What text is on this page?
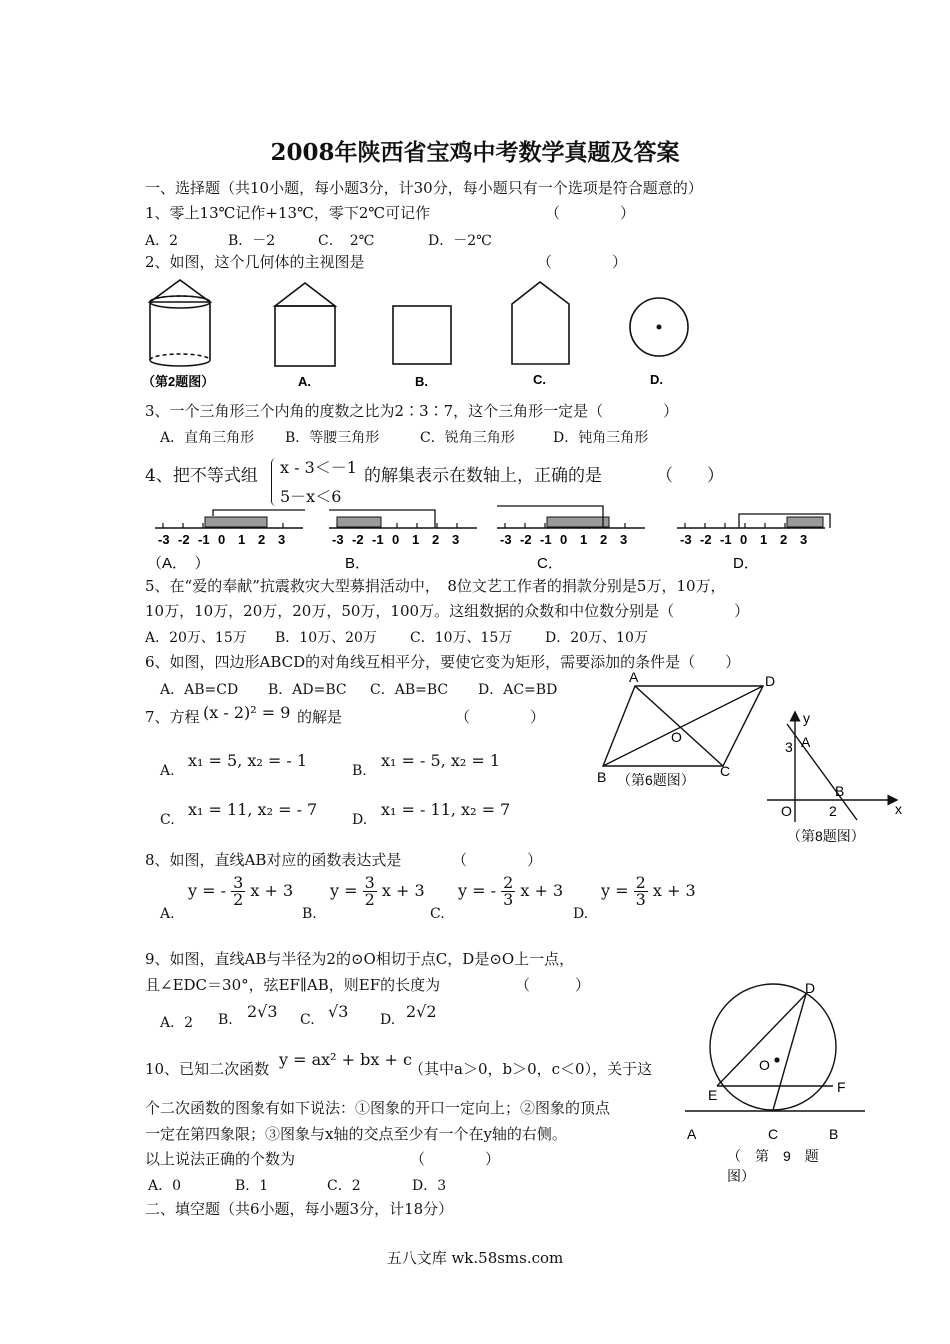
2008年陕西省宝鸡中考数学真题及答案
一、选择题（共10小题，每小题3分，计30分，每小题只有一个选项是符合题意的）
1、零上13℃记作+13℃，零下2℃可记作	（　　　　）
A．2	B．－2	C．　2℃	D．－2℃
2、如图，这个几何体的主视图是	（　　　　）
（第2题图）	A.	B.	C.	D.
3、一个三角形三个内角的度数之比为2∶3∶7，这个三角形一定是（　　　　）
A．直角三角形 B．等腰三角形	C．锐角三角形	D．钝角三角形
4、把不等式组 x - 3＜－1
5－x＜6
的解集表示在数轴上，正确的是	（　　）
-3 -2 -1 0 1 2 3	-3 -2 -1 0 1 2 3	-3 -2 -1 0 1 2 3	-3 -2 -1 0 1 2 3
（A．　）	B．	C．	D．
5、在“爱的奉献”抗震救灾大型募捐活动中，　8位文艺工作者的捐款分别是5万，10万，
10万，10万，20万，20万，50万，100万。这组数据的众数和中位数分别是（　　　　）
A．20万、15万 B．10万、20万 C．10万、15万 D．20万、10万
6、如图，四边形ABCD的对角线互相平分，要使它变为矩形，需要添加的条件是（　　）
A．AB=CD B．AD=BC C．AB=BC D．AC=BD
A	D
B	C
O
（第6题图）
7、方程 (x - 2)² = 9 的解是	（　　　　）
A.
x₁ = 5, x₂ = - 1
B.
x₁ = - 5, x₂ = 1
C.
x₁ = 11, x₂ = - 7
D.
x₁ = - 11, x₂ = 7
y
x
A
3
B
O	2
（第8题图）
8、如图，直线AB对应的函数表达式是	（　　　　）
A.
y = - $\frac{3}{2}$ x + 3
B.
$y = \frac{3}{2}$ x + 3
C.
y = - $\frac{2}{3}$ x + 3
D.
$y = \frac{2}{3}$ x + 3
9、如图，直线AB与半径为2的⊙O相切于点C，D是⊙O上一点，
且∠EDC＝30°，弦EF∥AB，则EF的长度为	（　　　）
A．2 B. 2√3 C. √3 D. 2√2
D
O
E	F
A	C	B
（　第　9　题
图）
10、已知二次函数 y = ax² + bx + c
（其中a＞0，b＞0，c＜0），关于这
个二次函数的图象有如下说法：①图象的开口一定向上；②图象的顶点
一定在第四象限；③图象与x轴的交点至少有一个在y轴的右侧。
以上说法正确的个数为	（　　　　）
A．0	B．1	C．2	D．3
二、填空题（共6小题，每小题3分，计18分）
五八文库 wk.58sms.com
